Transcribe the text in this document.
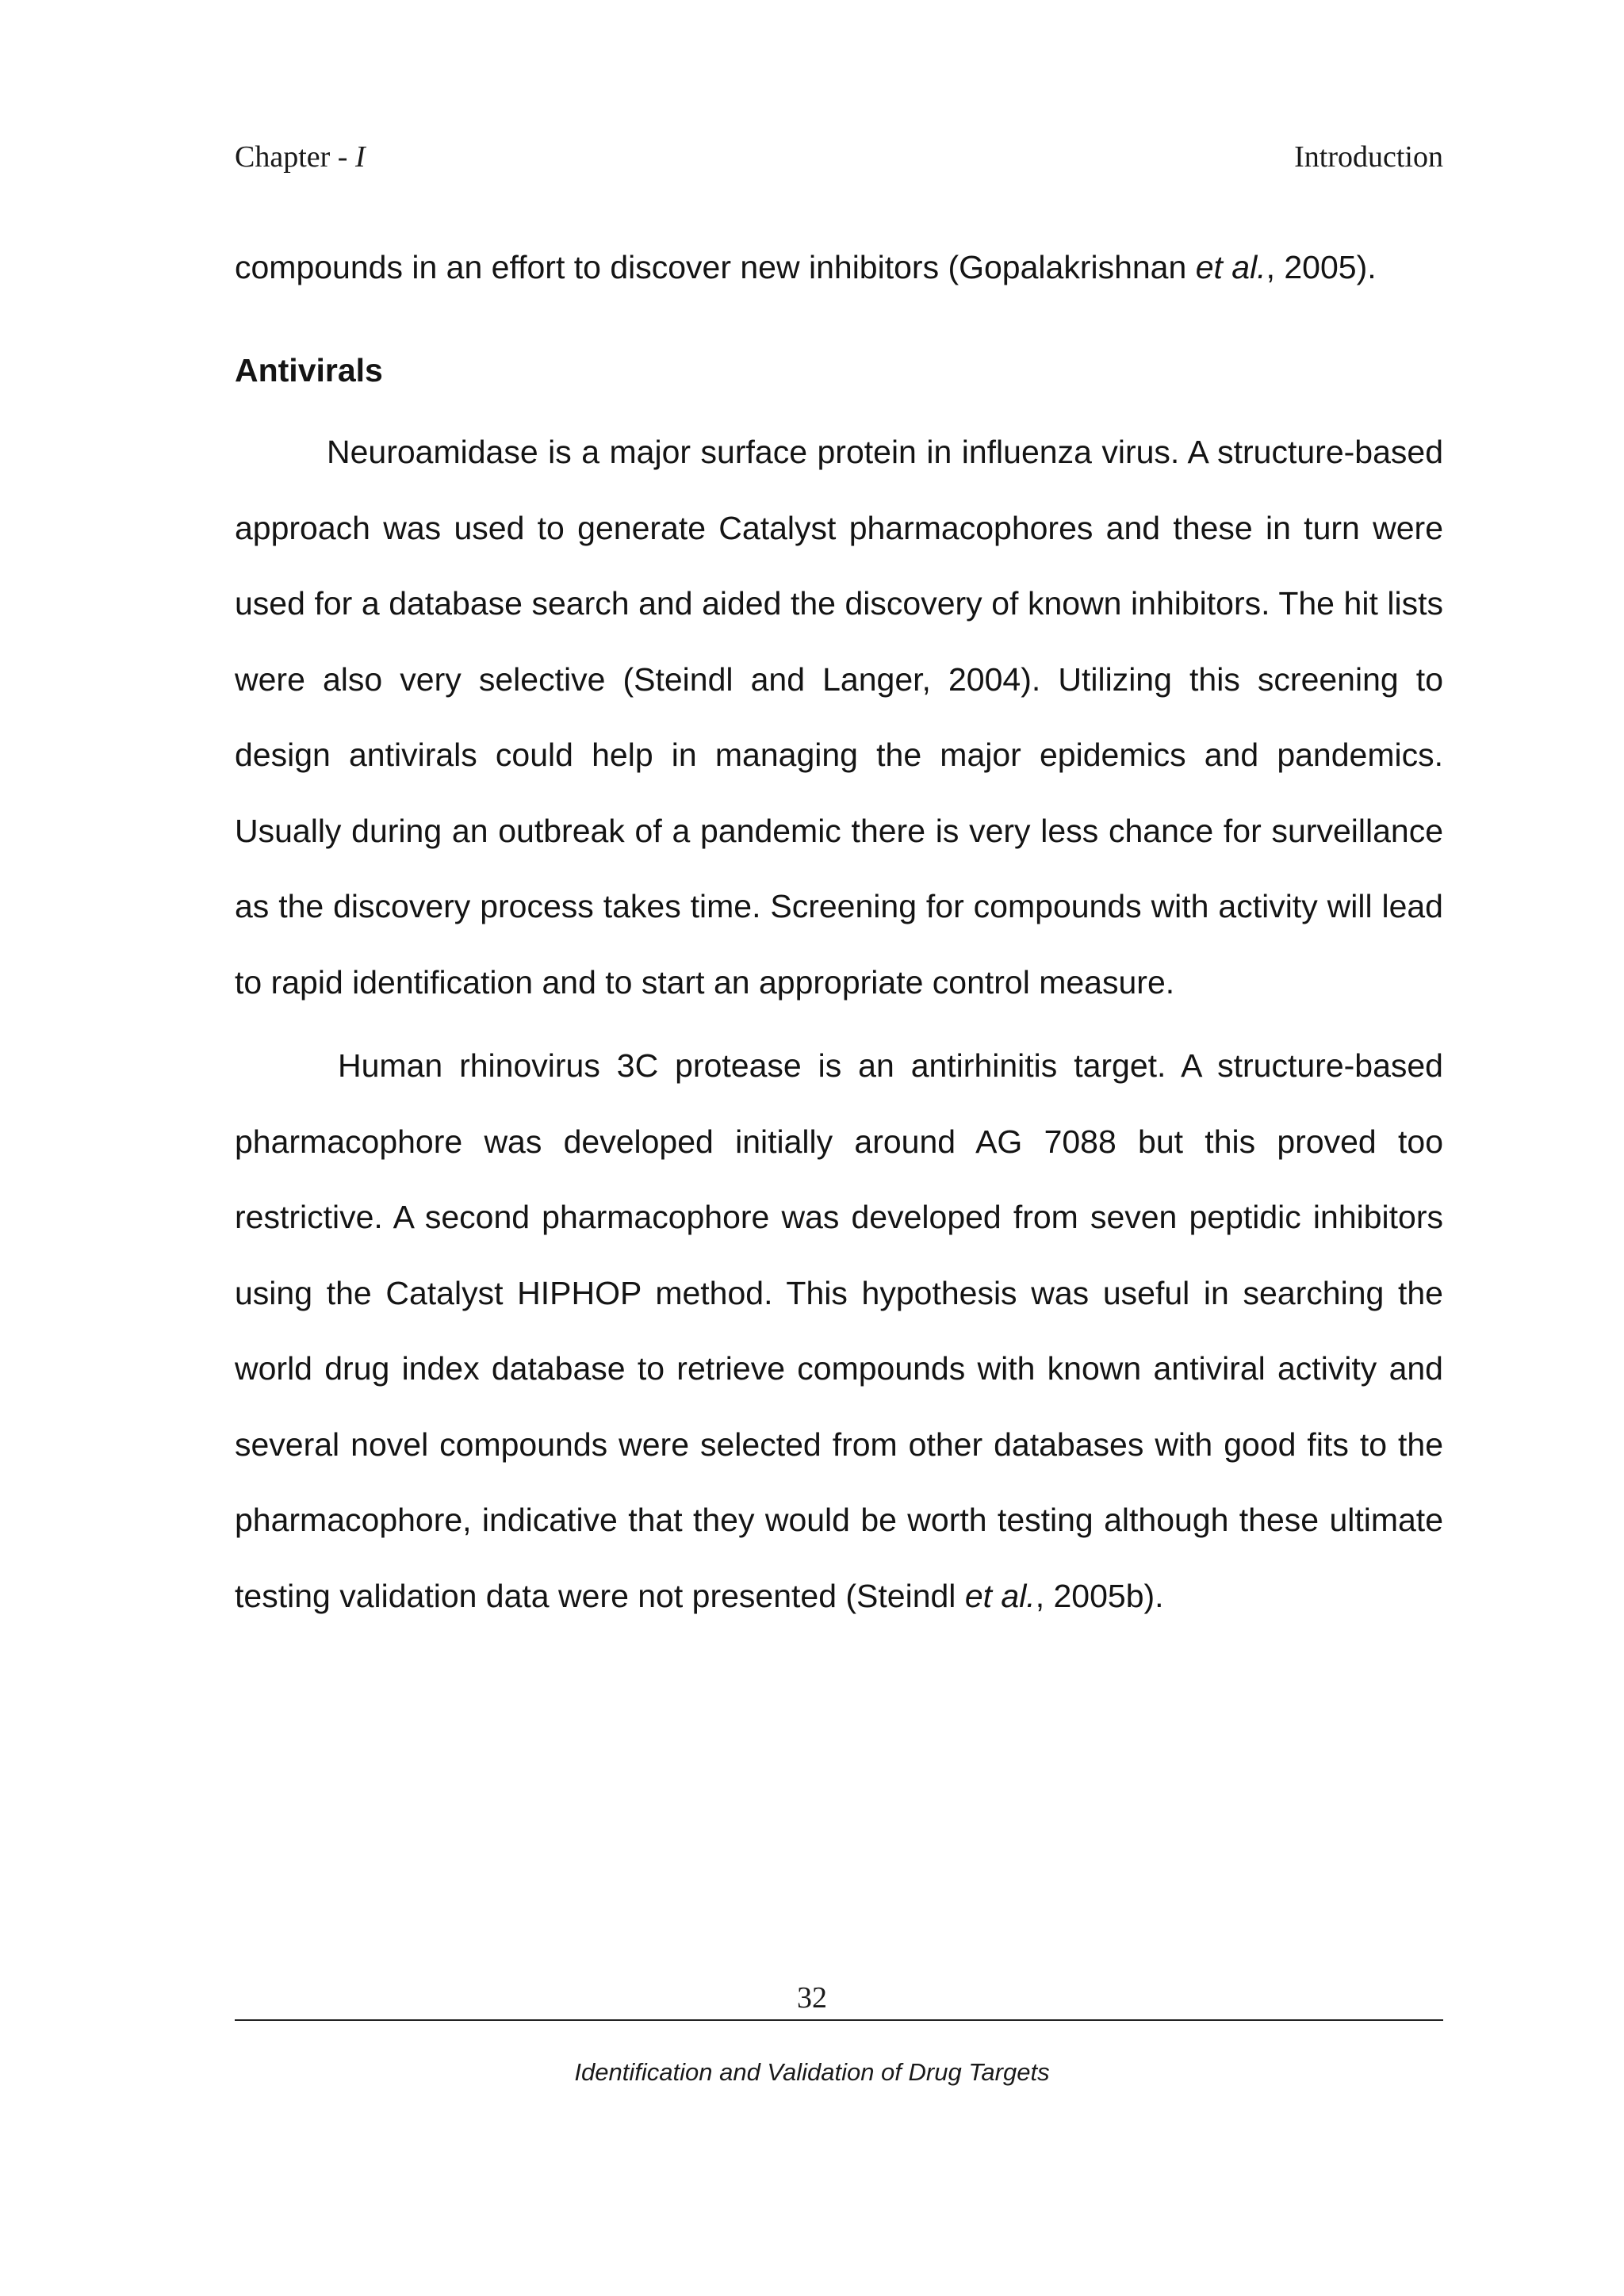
Chapter - I	Introduction

compounds in an effort to discover new inhibitors (Gopalakrishnan et al., 2005).

Antivirals

Neuroamidase is a major surface protein in influenza virus. A structure-based approach was used to generate Catalyst pharmacophores and these in turn were used for a database search and aided the discovery of known inhibitors. The hit lists were also very selective (Steindl and Langer, 2004). Utilizing this screening to design antivirals could help in managing the major epidemics and pandemics. Usually during an outbreak of a pandemic there is very less chance for surveillance as the discovery process takes time. Screening for compounds with activity will lead to rapid identification and to start an appropriate control measure.

Human rhinovirus 3C protease is an antirhinitis target. A structure-based pharmacophore was developed initially around AG 7088 but this proved too restrictive. A second pharmacophore was developed from seven peptidic inhibitors using the Catalyst HIPHOP method. This hypothesis was useful in searching the world drug index database to retrieve compounds with known antiviral activity and several novel compounds were selected from other databases with good fits to the pharmacophore, indicative that they would be worth testing although these ultimate testing validation data were not presented (Steindl et al., 2005b).

32
Identification and Validation of Drug Targets
